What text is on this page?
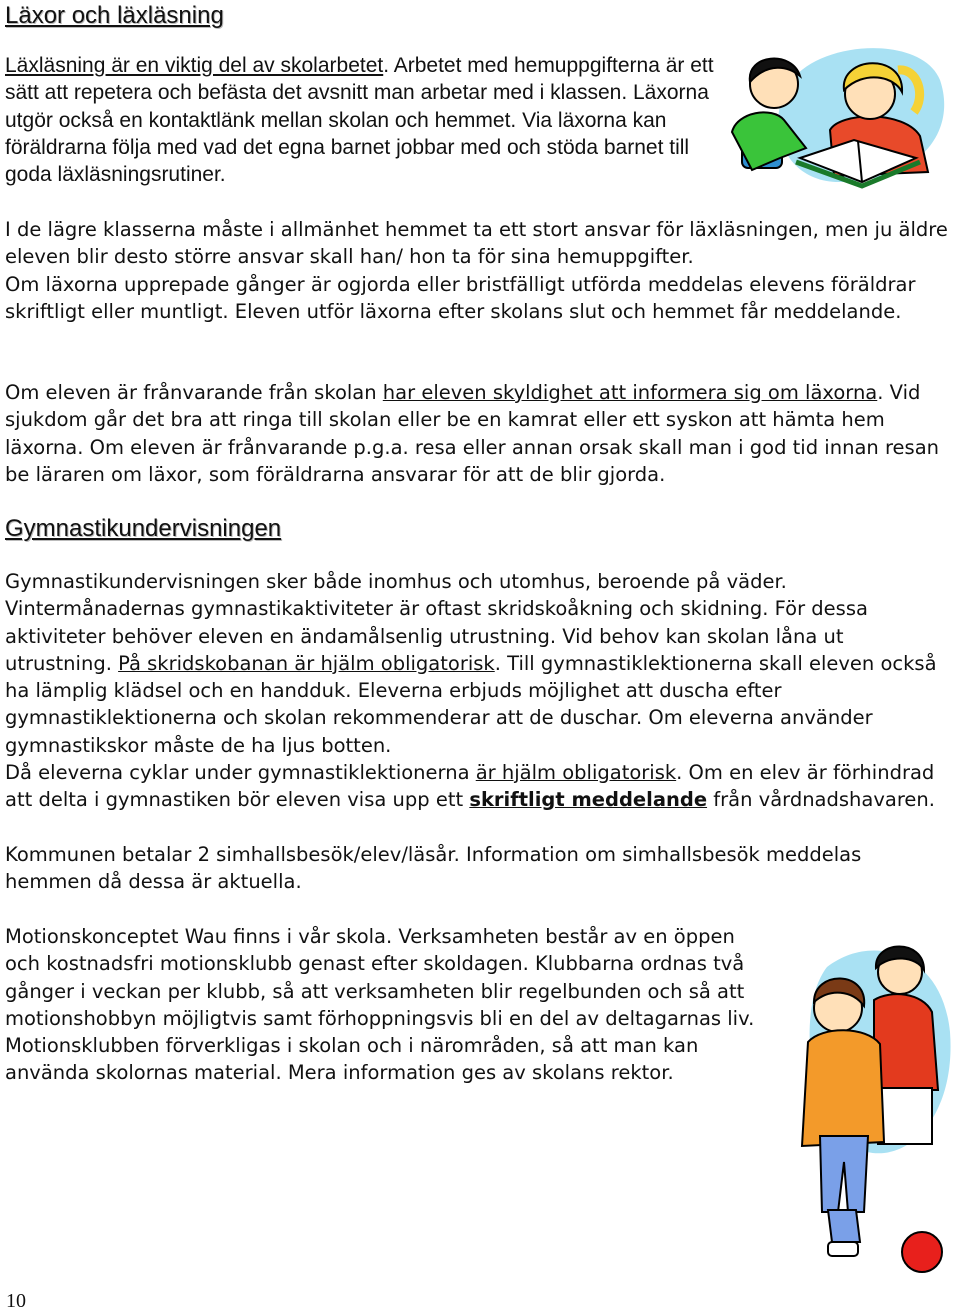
Läxor och läxläsning

Läxläsning är en viktig del av skolarbetet. Arbetet med hemuppgifterna är ett sätt att repetera och befästa det avsnitt man arbetar med i klassen. Läxorna utgör också en kontaktlänk mellan skolan och hemmet. Via läxorna kan föräldrarna följa med vad det egna barnet jobbar med och stöda barnet till goda läxläsningsrutiner.

I de lägre klasserna måste i allmänhet hemmet ta ett stort ansvar för läxläsningen, men ju äldre eleven blir desto större ansvar skall han/ hon ta för sina hemuppgifter.

Om läxorna upprepade gånger är ogjorda eller bristfälligt utförda meddelas elevens föräldrar skriftligt eller muntligt. Eleven utför läxorna efter skolans slut och hemmet får meddelande.

Om eleven är frånvarande från skolan har eleven skyldighet att informera sig om läxorna. Vid sjukdom går det bra att ringa till skolan eller be en kamrat eller ett syskon att hämta hem läxorna. Om eleven är frånvarande p.g.a. resa eller annan orsak skall man i god tid innan resan be läraren om läxor, som föräldrarna ansvarar för att de blir gjorda.

Gymnastikundervisningen

Gymnastikundervisningen sker både inomhus och utomhus, beroende på väder. Vintermånadernas gymnastikaktiviteter är oftast skridskoåkning och skidning. För dessa aktiviteter behöver eleven en ändamålsenlig utrustning. Vid behov kan skolan låna ut utrustning. På skridskobanan är hjälm obligatorisk. Till gymnastiklektionerna skall eleven också ha lämplig klädsel och en handduk. Eleverna erbjuds möjlighet att duscha efter gymnastiklektionerna och skolan rekommenderar att de duschar. Om eleverna använder gymnastikskor måste de ha ljus botten.

Då eleverna cyklar under gymnastiklektionerna är hjälm obligatorisk. Om en elev är förhindrad att delta i gymnastiken bör eleven visa upp ett skriftligt meddelande från vårdnadshavaren.

Kommunen betalar 2 simhallsbesök/elev/läsår. Information om simhallsbesök meddelas hemmen då dessa är aktuella.

Motionskonceptet Wau finns i vår skola. Verksamheten består av en öppen och kostnadsfri motionsklubb genast efter skoldagen. Klubbarna ordnas två gånger i veckan per klubb, så att verksamheten blir regelbunden och så att motionshobbyn möjligtvis samt förhoppningsvis bli en del av deltagarnas liv. Motionsklubben förverkligas i skolan och i närområden, så att man kan använda skolornas material. Mera information ges av skolans rektor.

10
